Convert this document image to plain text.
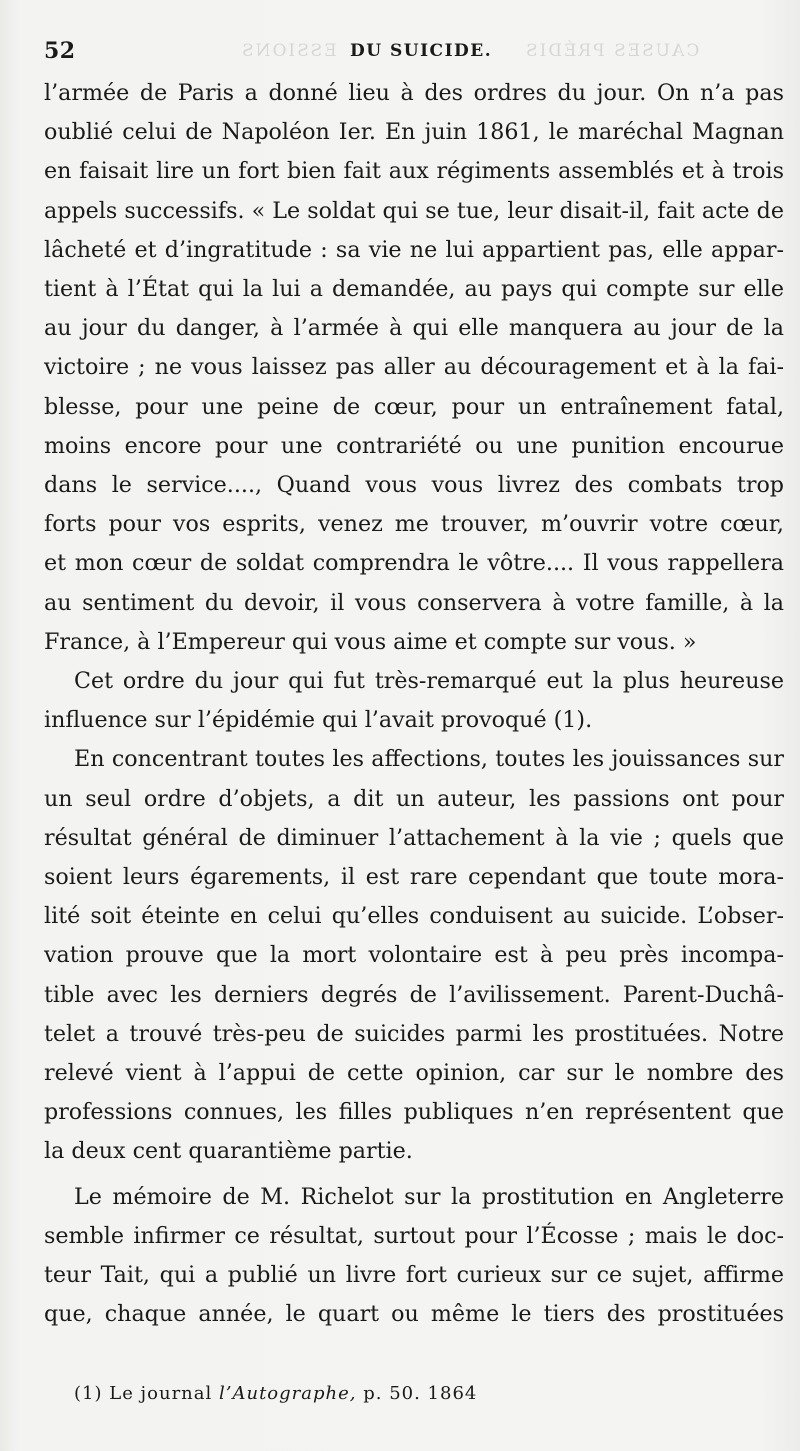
52	ESSIONS DU SUICIDE. CAUSES PRÉDIS
l’armée de Paris a donné lieu à des ordres du jour. On n’a pas
oublié celui de Napoléon Ier. En juin 1861, le maréchal Magnan
en faisait lire un fort bien fait aux régiments assemblés et à trois
appels successifs. « Le soldat qui se tue, leur disait-il, fait acte de
lâcheté et d’ingratitude : sa vie ne lui appartient pas, elle appar-
tient à l’État qui la lui a demandée, au pays qui compte sur elle
au jour du danger, à l’armée à qui elle manquera au jour de la
victoire ; ne vous laissez pas aller au découragement et à la fai-
blesse, pour une peine de cœur, pour un entraînement fatal,
moins encore pour une contrariété ou une punition encourue
dans le service...., Quand vous vous livrez des combats trop
forts pour vos esprits, venez me trouver, m’ouvrir votre cœur,
et mon cœur de soldat comprendra le vôtre.... Il vous rappellera
au sentiment du devoir, il vous conservera à votre famille, à la
France, à l’Empereur qui vous aime et compte sur vous. »
Cet ordre du jour qui fut très-remarqué eut la plus heureuse
influence sur l’épidémie qui l’avait provoqué (1).
En concentrant toutes les affections, toutes les jouissances sur
un seul ordre d’objets, a dit un auteur, les passions ont pour
résultat général de diminuer l’attachement à la vie ; quels que
soient leurs égarements, il est rare cependant que toute mora-
lité soit éteinte en celui qu’elles conduisent au suicide. L’obser-
vation prouve que la mort volontaire est à peu près incompa-
tible avec les derniers degrés de l’avilissement. Parent-Duchâ-
telet a trouvé très-peu de suicides parmi les prostituées. Notre
relevé vient à l’appui de cette opinion, car sur le nombre des
professions connues, les filles publiques n’en représentent que
la deux cent quarantième partie.
Le mémoire de M. Richelot sur la prostitution en Angleterre
semble infirmer ce résultat, surtout pour l’Écosse ; mais le doc-
teur Tait, qui a publié un livre fort curieux sur ce sujet, affirme
que, chaque année, le quart ou même le tiers des prostituées
(1) Le journal l’Autographe, p. 50. 1864
